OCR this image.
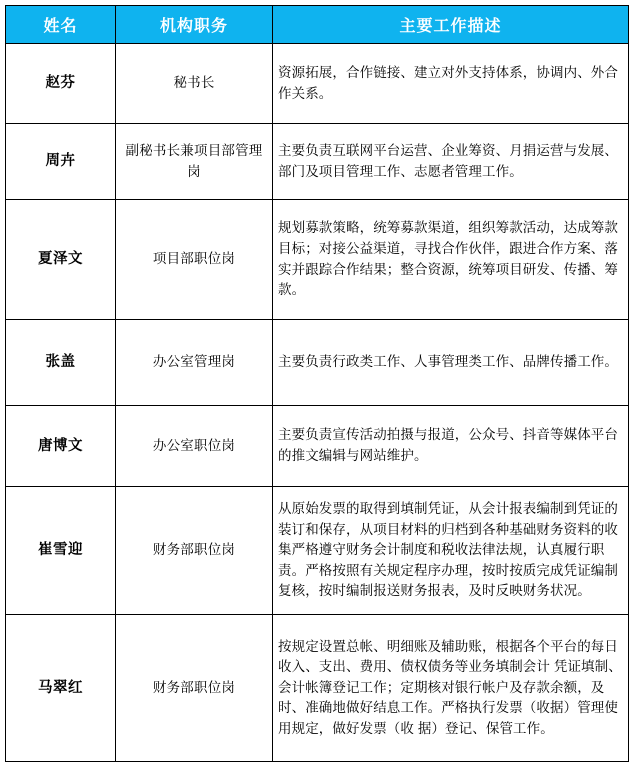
姓名	机构职务	主要工作描述
赵芬	秘书长	资源拓展，合作链接、建立对外支持体系，协调内、外合作关系。
周卉	副秘书长兼项目部管理岗	主要负责互联网平台运营、企业筹资、月捐运营与发展、部门及项目管理工作、志愿者管理工作。
夏泽文	项目部职位岗	规划募款策略，统筹募款渠道，组织筹款活动，达成筹款目标；对接公益渠道，寻找合作伙伴，跟进合作方案、落实并跟踪合作结果；整合资源，统筹项目研发、传播、筹款。
张盖	办公室管理岗	主要负责行政类工作、人事管理类工作、品牌传播工作。
唐博文	办公室职位岗	主要负责宣传活动拍摄与报道，公众号、抖音等媒体平台的推文编辑与网站维护。
崔雪迎	财务部职位岗	从原始发票的取得到填制凭证，从会计报表编制到凭证的装订和保存，从项目材料的归档到各种基础财务资料的收集严格遵守财务会计制度和税收法律法规，认真履行职责。严格按照有关规定程序办理，按时按质完成凭证编制复核，按时编制报送财务报表，及时反映财务状况。
马翠红	财务部职位岗	按规定设置总帐、明细账及辅助账，根据各个平台的每日收入、支出、费用、债权债务等业务填制会计 凭证填制、会计帐簿登记工作；定期核对银行帐户及存款余额，及时、准确地做好结息工作。严格执行发票（收据）管理使用规定，做好发票（收 据）登记、保管工作。
